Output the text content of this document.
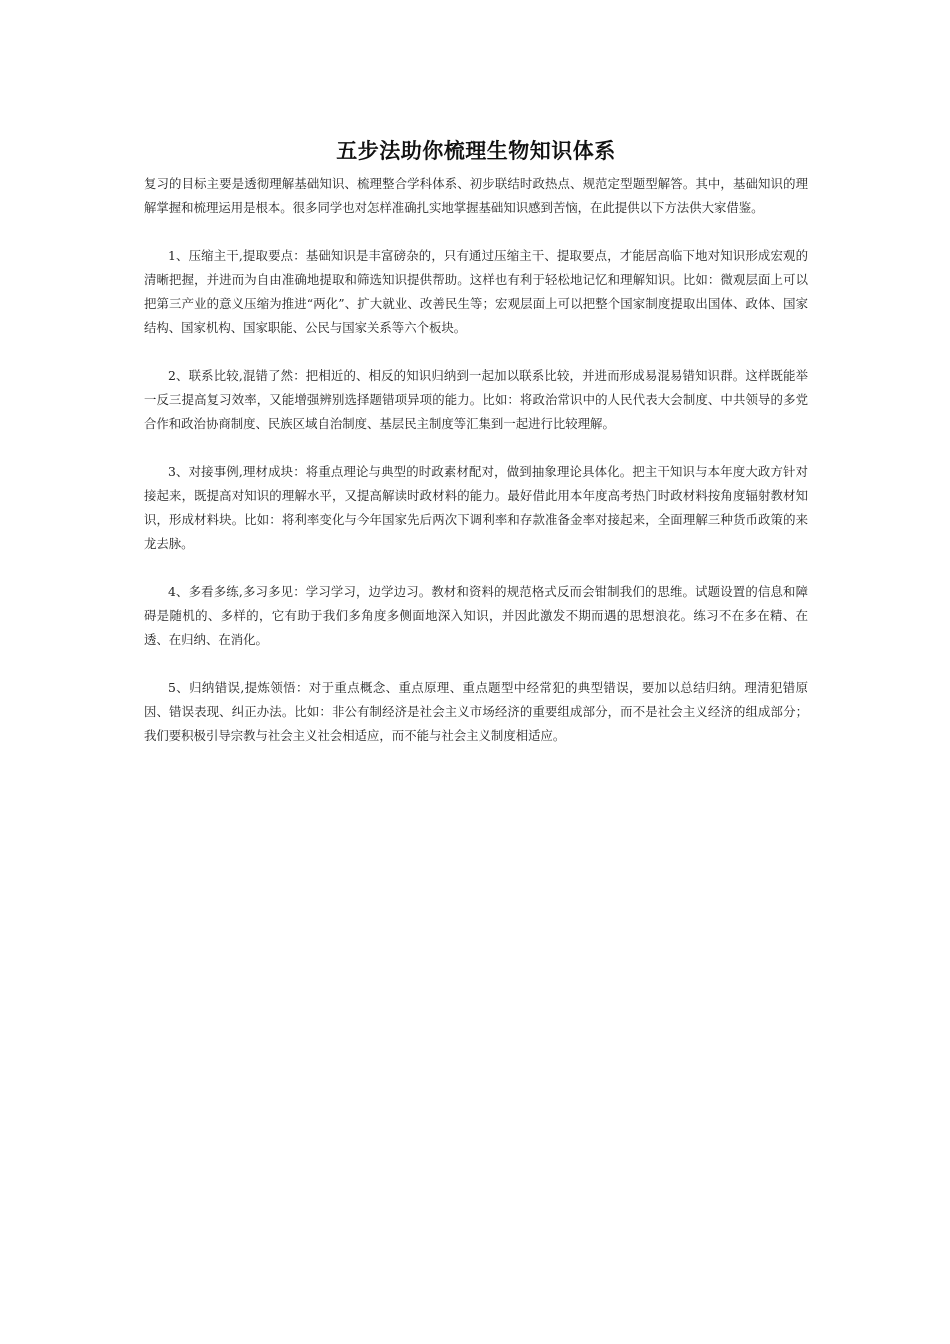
五步法助你梳理生物知识体系

复习的目标主要是透彻理解基础知识、梳理整合学科体系、初步联结时政热点、规范定型题型解答。其中，基础知识的理解掌握和梳理运用是根本。很多同学也对怎样准确扎实地掌握基础知识感到苦恼，在此提供以下方法供大家借鉴。

1、压缩主干,提取要点：基础知识是丰富磅杂的，只有通过压缩主干、提取要点，才能居高临下地对知识形成宏观的清晰把握，并进而为自由准确地提取和筛选知识提供帮助。这样也有利于轻松地记忆和理解知识。比如：微观层面上可以把第三产业的意义压缩为推进“两化”、扩大就业、改善民生等；宏观层面上可以把整个国家制度提取出国体、政体、国家结构、国家机构、国家职能、公民与国家关系等六个板块。

2、联系比较,混错了然：把相近的、相反的知识归纳到一起加以联系比较，并进而形成易混易错知识群。这样既能举一反三提高复习效率，又能增强辨别选择题错项异项的能力。比如：将政治常识中的人民代表大会制度、中共领导的多党合作和政治协商制度、民族区域自治制度、基层民主制度等汇集到一起进行比较理解。

3、对接事例,理材成块：将重点理论与典型的时政素材配对，做到抽象理论具体化。把主干知识与本年度大政方针对接起来，既提高对知识的理解水平，又提高解读时政材料的能力。最好借此用本年度高考热门时政材料按角度辐射教材知识，形成材料块。比如：将利率变化与今年国家先后两次下调利率和存款准备金率对接起来，全面理解三种货币政策的来龙去脉。

4、多看多练,多习多见：学习学习，边学边习。教材和资料的规范格式反而会钳制我们的思维。试题设置的信息和障碍是随机的、多样的，它有助于我们多角度多侧面地深入知识，并因此激发不期而遇的思想浪花。练习不在多在精、在透、在归纳、在消化。

5、归纳错误,提炼领悟：对于重点概念、重点原理、重点题型中经常犯的典型错误，要加以总结归纳。理清犯错原因、错误表现、纠正办法。比如：非公有制经济是社会主义市场经济的重要组成部分，而不是社会主义经济的组成部分；我们要积极引导宗教与社会主义社会相适应，而不能与社会主义制度相适应。
